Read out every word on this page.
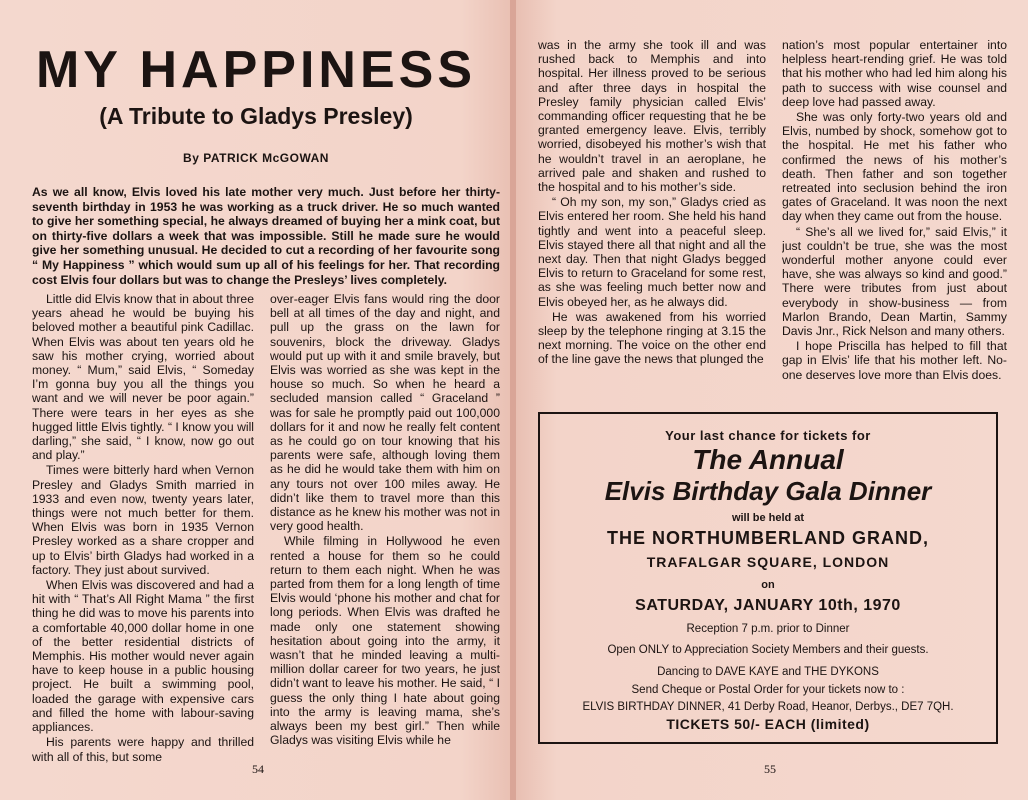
MY HAPPINESS
(A Tribute to Gladys Presley)

By PATRICK McGOWAN

As we all know, Elvis loved his late mother very much. Just before her thirty-seventh birthday in 1953 he was working as a truck driver. He so much wanted to give her something special, he always dreamed of buying her a mink coat, but on thirty-five dollars a week that was impossible. Still he made sure he would give her something unusual. He decided to cut a recording of her favourite song “ My Happiness ” which would sum up all of his feelings for her. That recording cost Elvis four dollars but was to change the Presleys’ lives completely.

Little did Elvis know that in about three years ahead he would be buying his beloved mother a beautiful pink Cadillac. When Elvis was about ten years old he saw his mother crying, worried about money. “ Mum,” said Elvis, “ Someday I’m gonna buy you all the things you want and we will never be poor again.” There were tears in her eyes as she hugged little Elvis tightly. “ I know you will darling,” she said, “ I know, now go out and play.”

Times were bitterly hard when Vernon Presley and Gladys Smith married in 1933 and even now, twenty years later, things were not much better for them. When Elvis was born in 1935 Vernon Presley worked as a share cropper and up to Elvis’ birth Gladys had worked in a factory. They just about survived.

When Elvis was discovered and had a hit with “ That’s All Right Mama ” the first thing he did was to move his parents into a comfortable 40,000 dollar home in one of the better residential districts of Memphis. His mother would never again have to keep house in a public housing project. He built a swimming pool, loaded the garage with expensive cars and filled the home with labour-saving appliances.

His parents were happy and thrilled with all of this, but some

over-eager Elvis fans would ring the door bell at all times of the day and night, and pull up the grass on the lawn for souvenirs, block the driveway. Gladys would put up with it and smile bravely, but Elvis was worried as she was kept in the house so much. So when he heard a secluded mansion called “ Graceland ” was for sale he promptly paid out 100,000 dollars for it and now he really felt content as he could go on tour knowing that his parents were safe, although loving them as he did he would take them with him on any tours not over 100 miles away. He didn’t like them to travel more than this distance as he knew his mother was not in very good health.

While filming in Hollywood he even rented a house for them so he could return to them each night. When he was parted from them for a long length of time Elvis would ‘phone his mother and chat for long periods. When Elvis was drafted he made only one statement showing hesitation about going into the army, it wasn’t that he minded leaving a multi-million dollar career for two years, he just didn’t want to leave his mother. He said, “ I guess the only thing I hate about going into the army is leaving mama, she’s always been my best girl.” Then while Gladys was visiting Elvis while he

54

was in the army she took ill and was rushed back to Memphis and into hospital. Her illness proved to be serious and after three days in hospital the Presley family physician called Elvis’ commanding officer requesting that he be granted emergency leave. Elvis, terribly worried, disobeyed his mother’s wish that he wouldn’t travel in an aeroplane, he arrived pale and shaken and rushed to the hospital and to his mother’s side.

“ Oh my son, my son,” Gladys cried as Elvis entered her room. She held his hand tightly and went into a peaceful sleep. Elvis stayed there all that night and all the next day. Then that night Gladys begged Elvis to return to Graceland for some rest, as she was feeling much better now and Elvis obeyed her, as he always did.

He was awakened from his worried sleep by the telephone ringing at 3.15 the next morning. The voice on the other end of the line gave the news that plunged the

nation’s most popular entertainer into helpless heart-rending grief. He was told that his mother who had led him along his path to success with wise counsel and deep love had passed away.

She was only forty-two years old and Elvis, numbed by shock, somehow got to the hospital. He met his father who confirmed the news of his mother’s death. Then father and son together retreated into seclusion behind the iron gates of Graceland. It was noon the next day when they came out from the house.

“ She’s all we lived for,” said Elvis,” it just couldn’t be true, she was the most wonderful mother anyone could ever have, she was always so kind and good.” There were tributes from just about everybody in show-business — from Marlon Brando, Dean Martin, Sammy Davis Jnr., Rick Nelson and many others.

I hope Priscilla has helped to fill that gap in Elvis’ life that his mother left. No-one deserves love more than Elvis does.

Your last chance for tickets for

The Annual

Elvis Birthday Gala Dinner

will be held at

THE NORTHUMBERLAND GRAND,

TRAFALGAR SQUARE, LONDON

on

SATURDAY, JANUARY 10th, 1970

Reception 7 p.m. prior to Dinner

Open ONLY to Appreciation Society Members and their guests.

Dancing to DAVE KAYE and THE DYKONS

Send Cheque or Postal Order for your tickets now to :

ELVIS BIRTHDAY DINNER, 41 Derby Road, Heanor, Derbys., DE7 7QH.

TICKETS 50/- EACH (limited)

55
